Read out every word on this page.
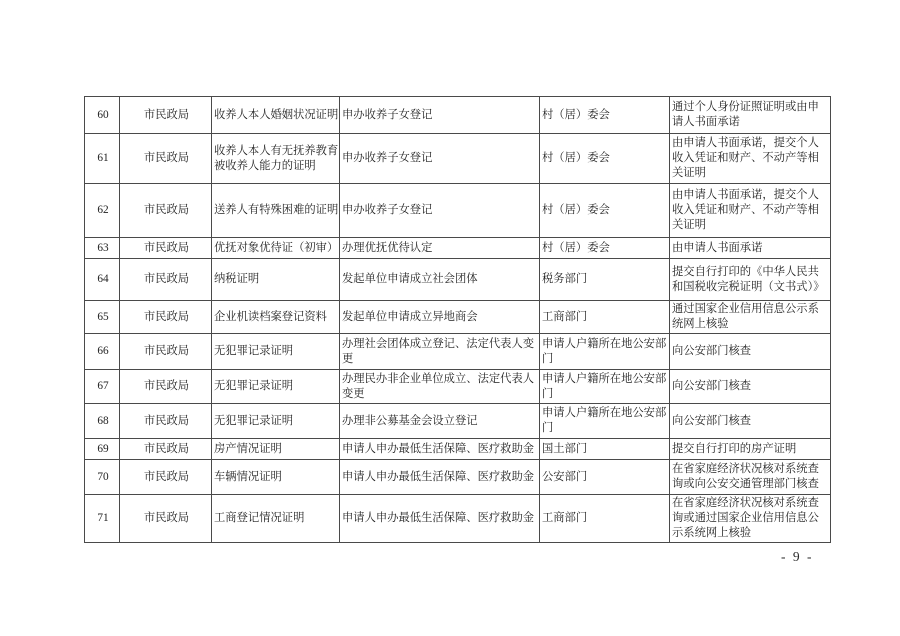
60	市民政局	收养人本人婚姻状况证明	申办收养子女登记	村（居）委会	通过个人身份证照证明或由申请人书面承诺
61	市民政局	收养人本人有无抚养教育被收养人能力的证明	申办收养子女登记	村（居）委会	由申请人书面承诺，提交个人收入凭证和财产、不动产等相关证明
62	市民政局	送养人有特殊困难的证明	申办收养子女登记	村（居）委会	由申请人书面承诺，提交个人收入凭证和财产、不动产等相关证明
63	市民政局	优抚对象优待证（初审）	办理优抚优待认定	村（居）委会	由申请人书面承诺
64	市民政局	纳税证明	发起单位申请成立社会团体	税务部门	提交自行打印的《中华人民共和国税收完税证明（文书式）》
65	市民政局	企业机读档案登记资料	发起单位申请成立异地商会	工商部门	通过国家企业信用信息公示系统网上核验
66	市民政局	无犯罪记录证明	办理社会团体成立登记、法定代表人变更	申请人户籍所在地公安部门	向公安部门核查
67	市民政局	无犯罪记录证明	办理民办非企业单位成立、法定代表人变更	申请人户籍所在地公安部门	向公安部门核查
68	市民政局	无犯罪记录证明	办理非公募基金会设立登记	申请人户籍所在地公安部门	向公安部门核查
69	市民政局	房产情况证明	申请人申办最低生活保障、医疗救助金	国土部门	提交自行打印的房产证明
70	市民政局	车辆情况证明	申请人申办最低生活保障、医疗救助金	公安部门	在省家庭经济状况核对系统查询或向公安交通管理部门核查
71	市民政局	工商登记情况证明	申请人申办最低生活保障、医疗救助金	工商部门	在省家庭经济状况核对系统查询或通过国家企业信用信息公示系统网上核验
- 9 -
